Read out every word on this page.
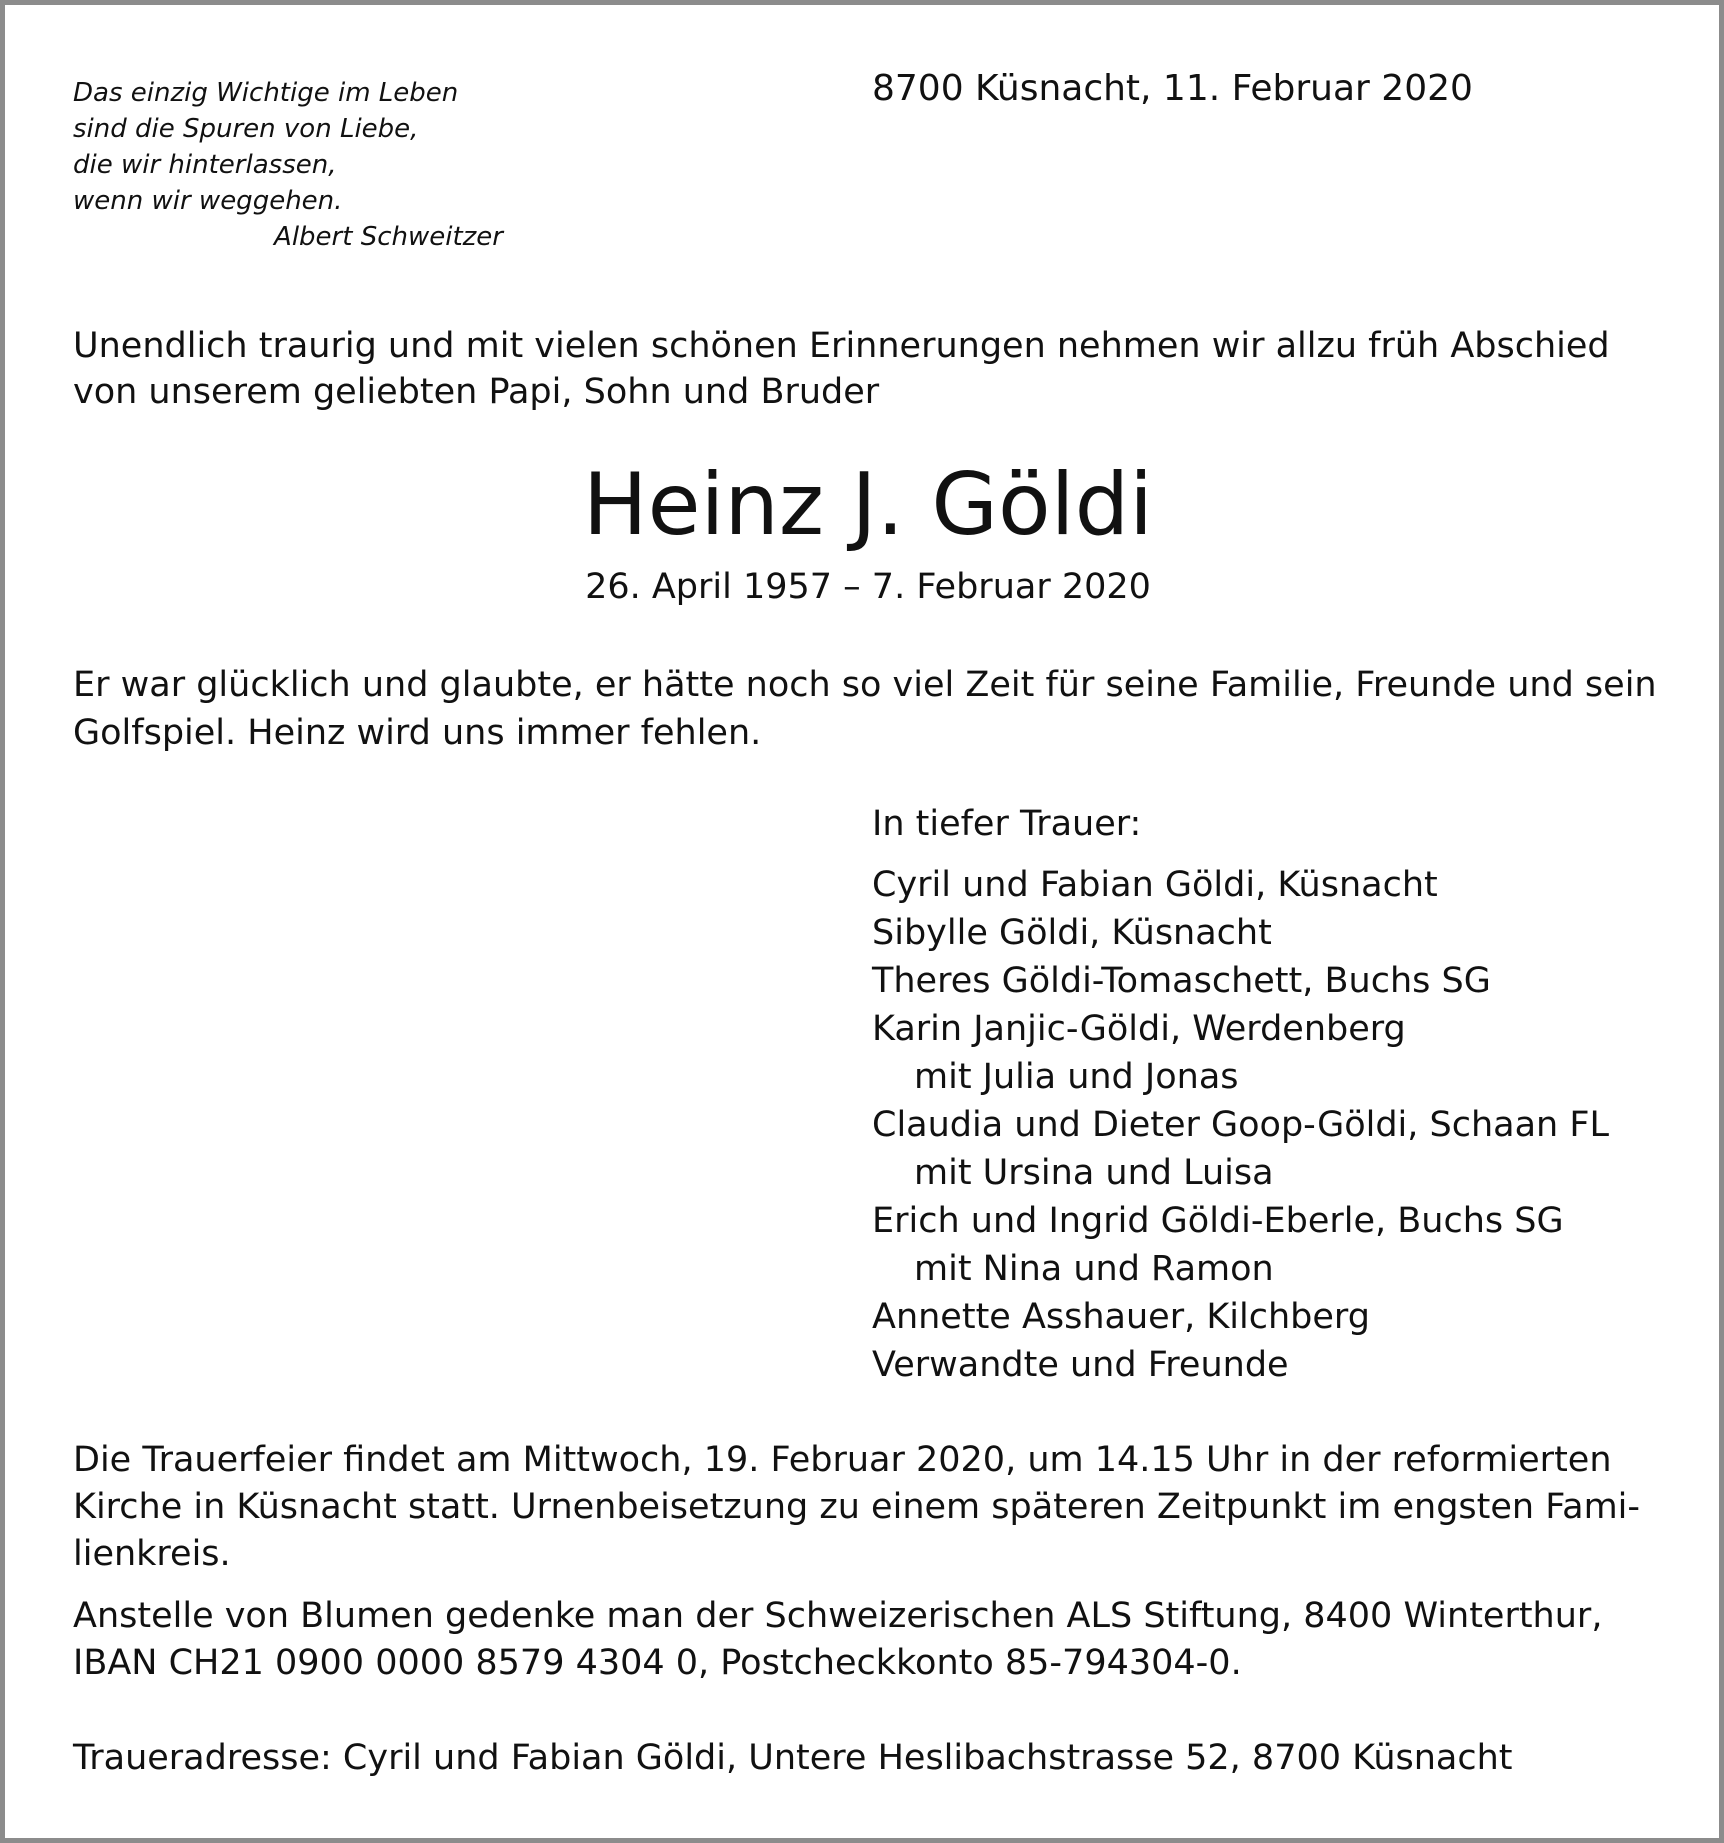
Das einzig Wichtige im Leben
sind die Spuren von Liebe,
die wir hinterlassen,
wenn wir weggehen.
Albert Schweitzer
8700 Küsnacht, 11. Februar 2020
Unendlich traurig und mit vielen schönen Erinnerungen nehmen wir allzu früh Abschied
von unserem geliebten Papi, Sohn und Bruder
Heinz J. Göldi
26. April 1957 – 7. Februar 2020
Er war glücklich und glaubte, er hätte noch so viel Zeit für seine Familie, Freunde und sein
Golfspiel. Heinz wird uns immer fehlen.
In tiefer Trauer:
Cyril und Fabian Göldi, Küsnacht
Sibylle Göldi, Küsnacht
Theres Göldi-Tomaschett, Buchs SG
Karin Janjic-Göldi, Werdenberg
mit Julia und Jonas
Claudia und Dieter Goop-Göldi, Schaan FL
mit Ursina und Luisa
Erich und Ingrid Göldi-Eberle, Buchs SG
mit Nina und Ramon
Annette Asshauer, Kilchberg
Verwandte und Freunde
Die Trauerfeier findet am Mittwoch, 19. Februar 2020, um 14.15 Uhr in der reformierten
Kirche in Küsnacht statt. Urnenbeisetzung zu einem späteren Zeitpunkt im engsten Fami-
lienkreis.
Anstelle von Blumen gedenke man der Schweizerischen ALS Stiftung, 8400 Winterthur,
IBAN CH21 0900 0000 8579 4304 0, Postcheckkonto 85-794304-0.
Traueradresse: Cyril und Fabian Göldi, Untere Heslibachstrasse 52, 8700 Küsnacht
